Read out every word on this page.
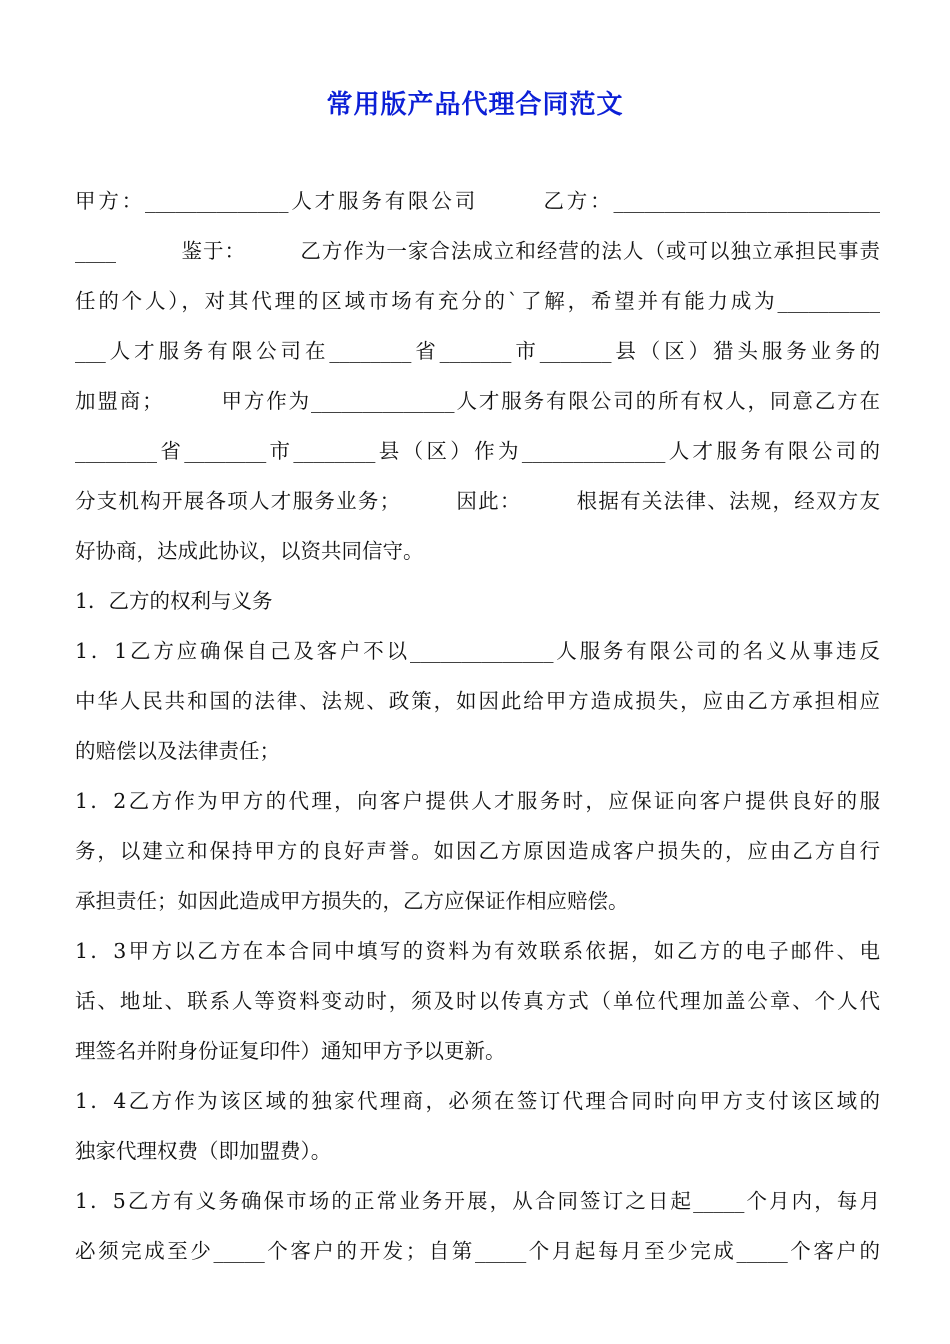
常用版产品代理合同范文
甲方：______________人才服务有限公司 　　 乙方：__________________________
____　　　鉴于：　　　乙方作为一家合法成立和经营的法人（或可以独立承担民事责
任的个人），对其代理的区域市场有充分的`了解，希望并有能力成为__________
___人才服务有限公司在________省_______市_______县（区）猎头服务业务的
加盟商；　　　甲方作为______________人才服务有限公司的所有权人，同意乙方在
________省________市________县（区）作为______________人才服务有限公司的
分支机构开展各项人才服务业务；　　　因此：　　　根据有关法律、法规，经双方友
好协商，达成此协议，以资共同信守。
1．乙方的权利与义务
1．1乙方应确保自己及客户不以______________人服务有限公司的名义从事违反
中华人民共和国的法律、法规、政策，如因此给甲方造成损失，应由乙方承担相应
的赔偿以及法律责任；
1．2乙方作为甲方的代理，向客户提供人才服务时，应保证向客户提供良好的服
务，以建立和保持甲方的良好声誉。如因乙方原因造成客户损失的，应由乙方自行
承担责任；如因此造成甲方损失的，乙方应保证作相应赔偿。
1．3甲方以乙方在本合同中填写的资料为有效联系依据，如乙方的电子邮件、电
话、地址、联系人等资料变动时，须及时以传真方式（单位代理加盖公章、个人代
理签名并附身份证复印件）通知甲方予以更新。
1．4乙方作为该区域的独家代理商，必须在签订代理合同时向甲方支付该区域的
独家代理权费（即加盟费）。
1．5乙方有义务确保市场的正常业务开展，从合同签订之日起_____个月内，每月
必须完成至少_____个客户的开发；自第_____个月起每月至少完成_____个客户的
